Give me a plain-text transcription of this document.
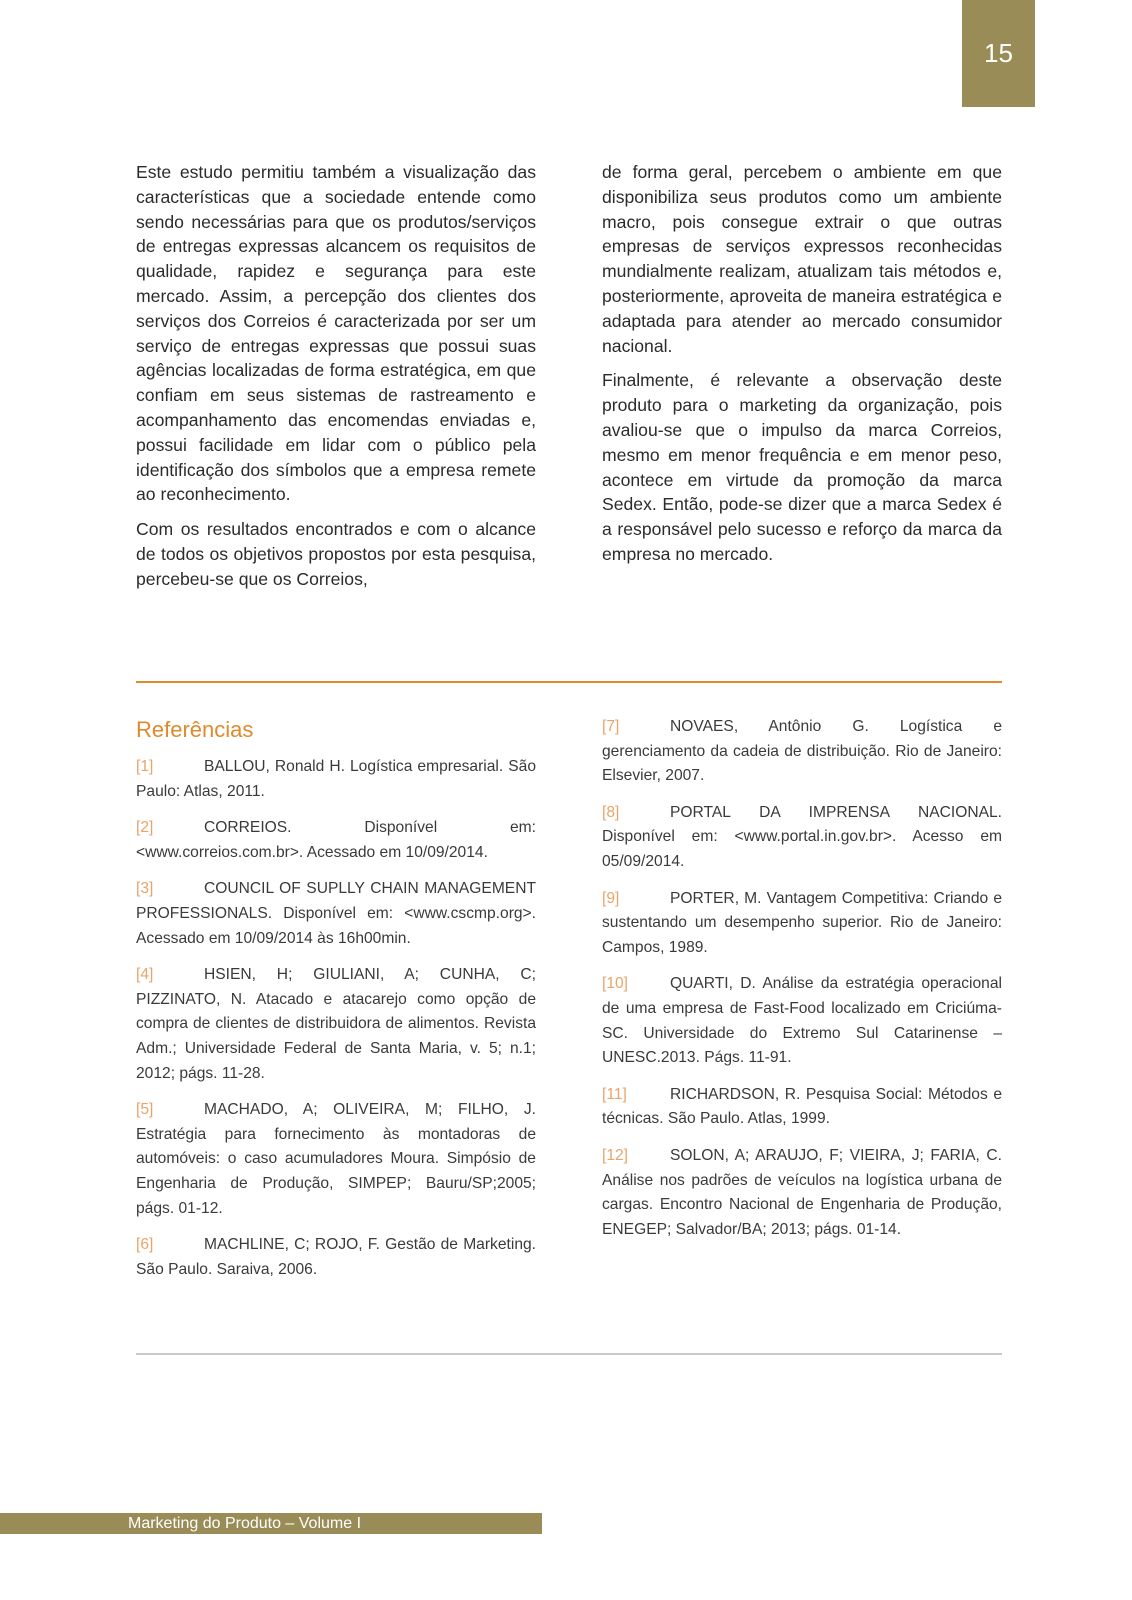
15

Este estudo permitiu também a visualização das características que a sociedade entende como sendo necessárias para que os produtos/serviços de entregas expressas alcancem os requisitos de qualidade, rapidez e segurança para este mercado. Assim, a percepção dos clientes dos serviços dos Correios é caracterizada por ser um serviço de entregas expressas que possui suas agências localizadas de forma estratégica, em que confiam em seus sistemas de rastreamento e acompanhamento das encomendas enviadas e, possui facilidade em lidar com o público pela identificação dos símbolos que a empresa remete ao reconhecimento.

Com os resultados encontrados e com o alcance de todos os objetivos propostos por esta pesquisa, percebeu-se que os Correios,

de forma geral, percebem o ambiente em que disponibiliza seus produtos como um ambiente macro, pois consegue extrair o que outras empresas de serviços expressos reconhecidas mundialmente realizam, atualizam tais métodos e, posteriormente, aproveita de maneira estratégica e adaptada para atender ao mercado consumidor nacional.

Finalmente, é relevante a observação deste produto para o marketing da organização, pois avaliou-se que o impulso da marca Correios, mesmo em menor frequência e em menor peso, acontece em virtude da promoção da marca Sedex. Então, pode-se dizer que a marca Sedex é a responsável pelo sucesso e reforço da marca da empresa no mercado.

Referências

[1]	BALLOU, Ronald H. Logística empresarial. São Paulo: Atlas, 2011.

[2]	CORREIOS. Disponível em: <www.correios.com.br>. Acessado em 10/09/2014.

[3]	COUNCIL OF SUPLLY CHAIN MANAGEMENT PROFESSIONALS. Disponível em: <www.cscmp.org>. Acessado em 10/09/2014 às 16h00min.

[4]	HSIEN, H; GIULIANI, A; CUNHA, C; PIZZINATO, N. Atacado e atacarejo como opção de compra de clientes de distribuidora de alimentos. Revista Adm.; Universidade Federal de Santa Maria, v. 5; n.1; 2012; págs. 11-28.

[5]	MACHADO, A; OLIVEIRA, M; FILHO, J. Estratégia para fornecimento às montadoras de automóveis: o caso acumuladores Moura. Simpósio de Engenharia de Produção, SIMPEP; Bauru/SP;2005; págs. 01-12.

[6]	MACHLINE, C; ROJO, F. Gestão de Marketing. São Paulo. Saraiva, 2006.

[7]	NOVAES, Antônio G. Logística e gerenciamento da cadeia de distribuição. Rio de Janeiro: Elsevier, 2007.

[8]	PORTAL DA IMPRENSA NACIONAL. Disponível em: <www.portal.in.gov.br>. Acesso em 05/09/2014.

[9]	PORTER, M. Vantagem Competitiva: Criando e sustentando um desempenho superior. Rio de Janeiro: Campos, 1989.

[10]	QUARTI, D. Análise da estratégia operacional de uma empresa de Fast-Food localizado em Criciúma-SC. Universidade do Extremo Sul Catarinense – UNESC.2013. Págs. 11-91.

[11]	RICHARDSON, R. Pesquisa Social: Métodos e técnicas. São Paulo. Atlas, 1999.

[12]	SOLON, A; ARAUJO, F; VIEIRA, J; FARIA, C. Análise nos padrões de veículos na logística urbana de cargas. Encontro Nacional de Engenharia de Produção, ENEGEP; Salvador/BA; 2013; págs. 01-14.

Marketing do Produto – Volume I
